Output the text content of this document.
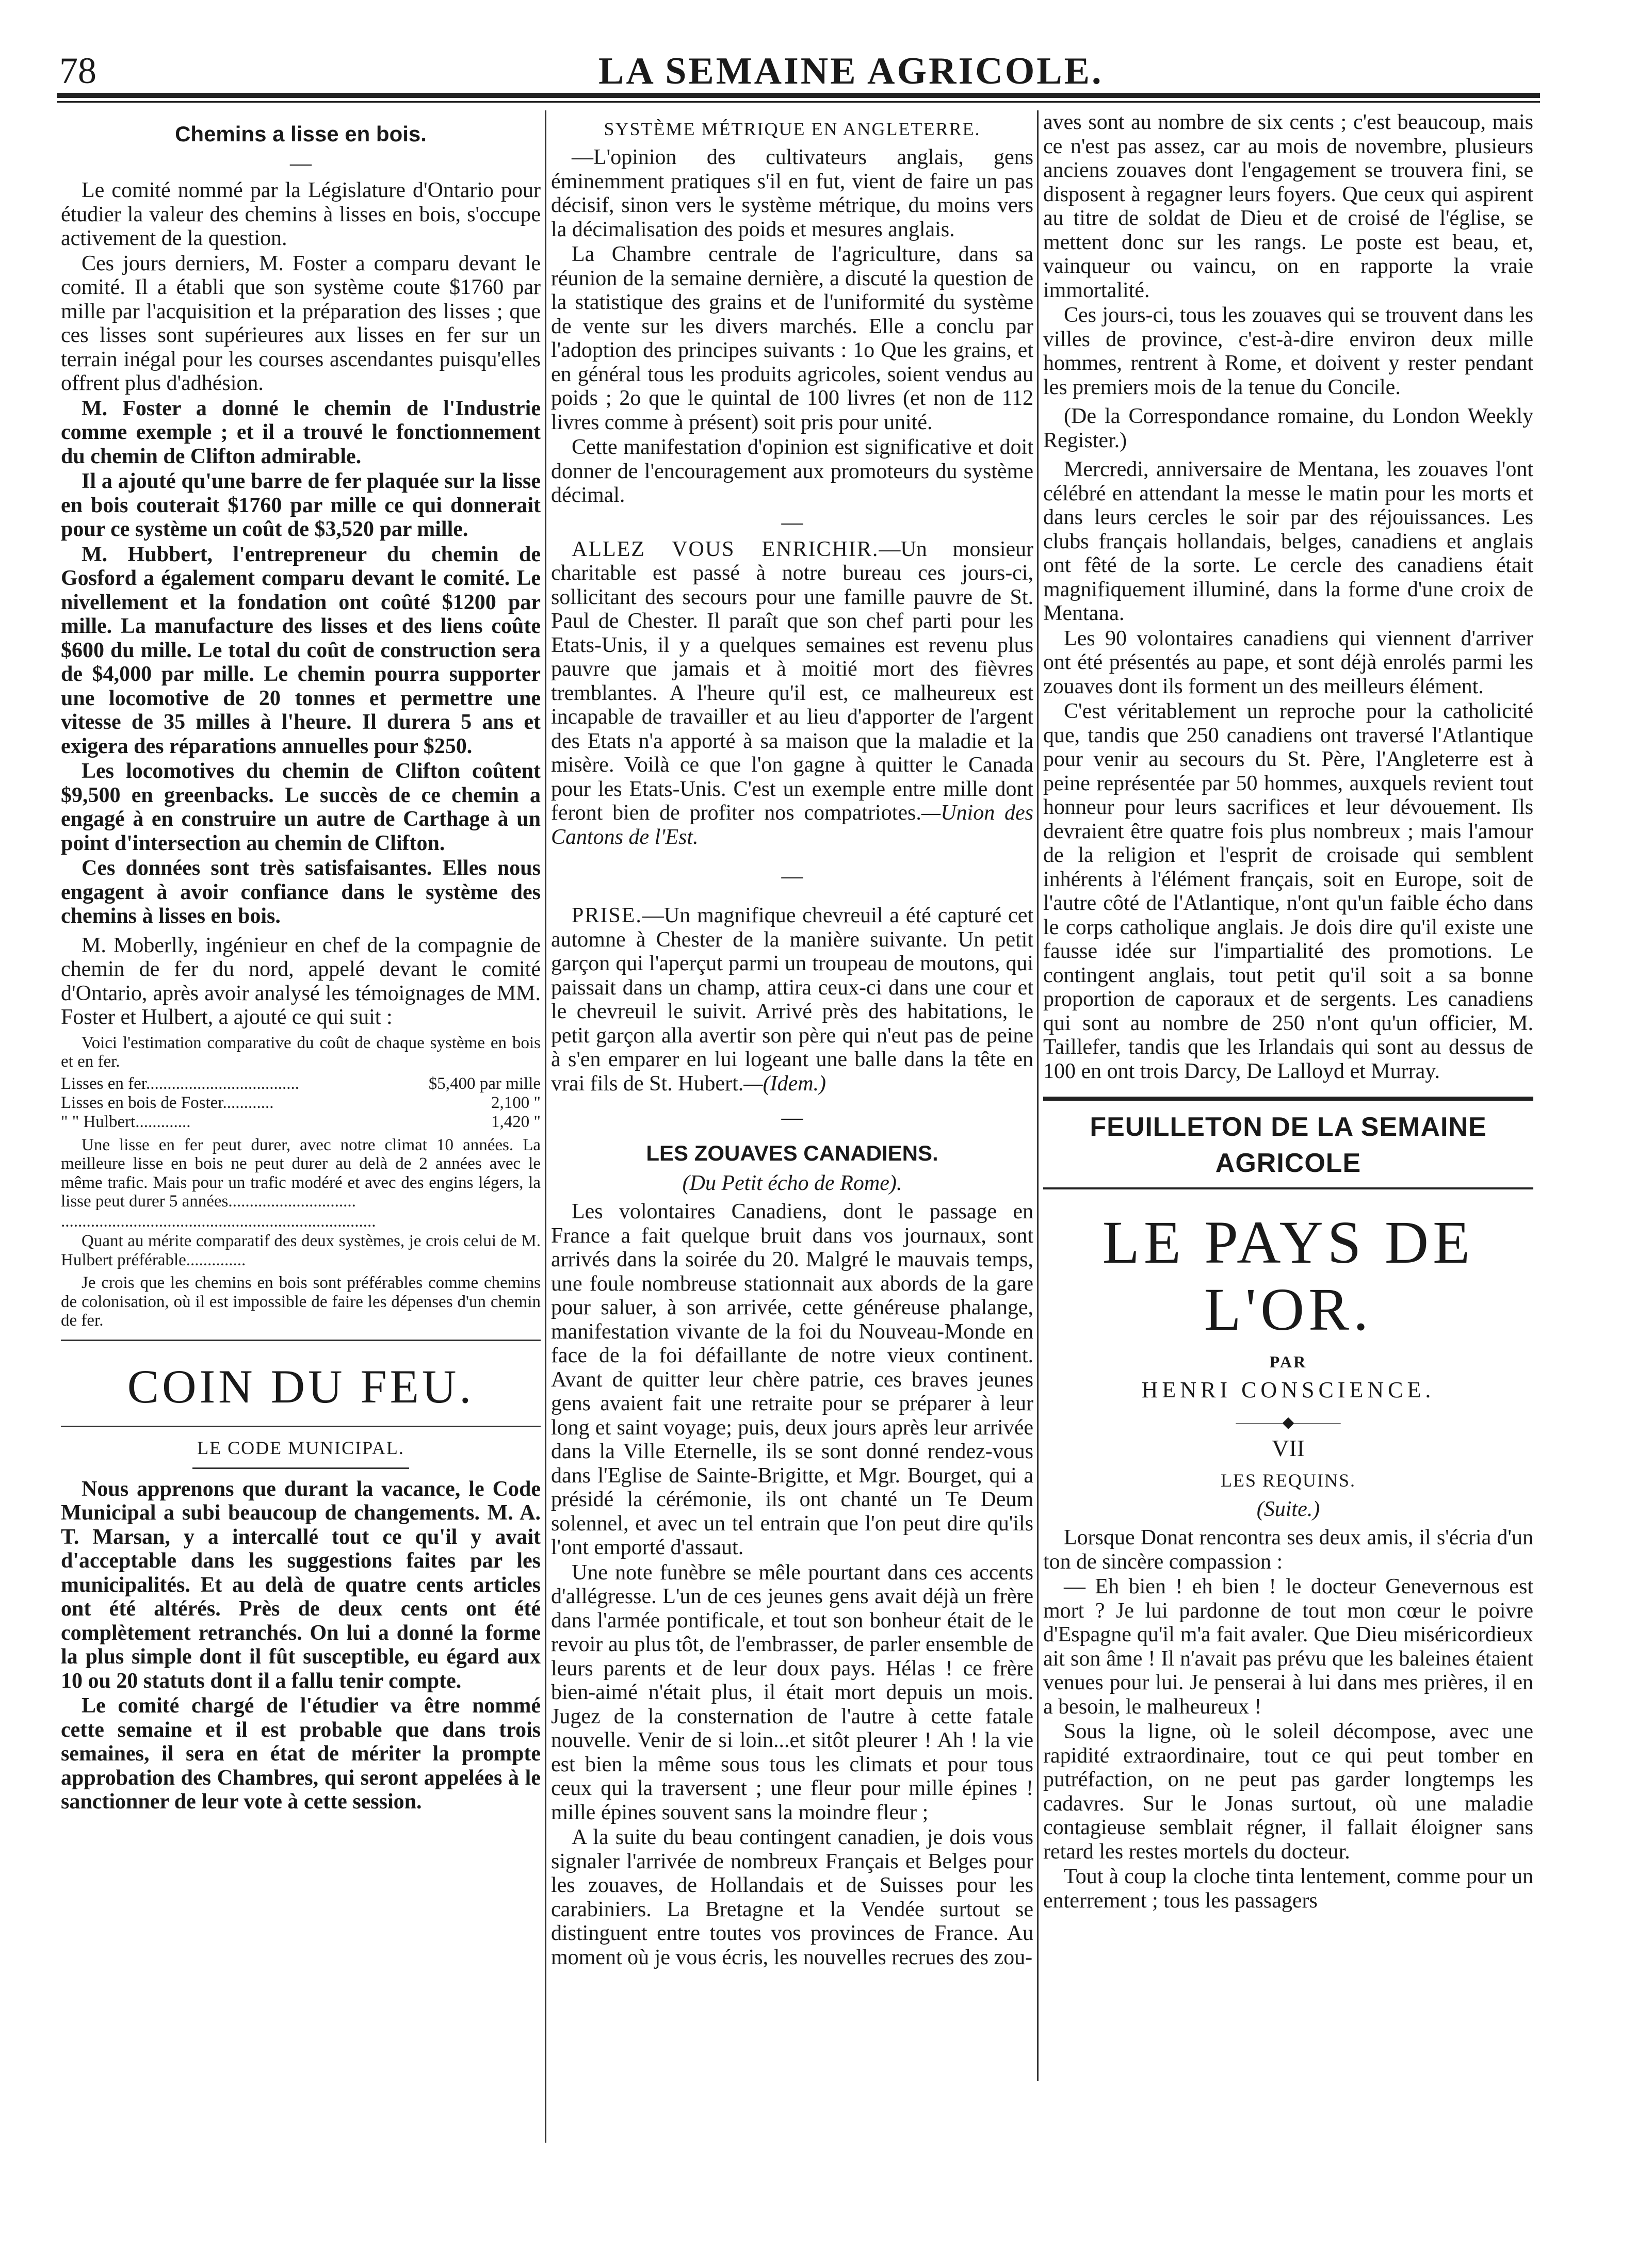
78	LA SEMAINE AGRICOLE.
Chemins a lisse en bois.
—

Le comité nommé par la Législature d'Ontario pour étudier la valeur des chemins à lisses en bois, s'occupe activement de la question.

Ces jours derniers, M. Foster a comparu devant le comité. Il a établi que son système coute $1760 par mille par l'acquisition et la préparation des lisses ; que ces lisses sont supérieures aux lisses en fer sur un terrain inégal pour les courses ascendantes puisqu'elles offrent plus d'adhésion.

M. Foster a donné le chemin de l'Industrie comme exemple ; et il a trouvé le fonctionnement du chemin de Clifton admirable.

Il a ajouté qu'une barre de fer plaquée sur la lisse en bois couterait $1760 par mille ce qui donnerait pour ce système un coût de $3,520 par mille.

M. Hubbert, l'entrepreneur du chemin de Gosford a également comparu devant le comité. Le nivellement et la fondation ont coûté $1200 par mille. La manufacture des lisses et des liens coûte $600 du mille. Le total du coût de construction sera de $4,000 par mille. Le chemin pourra supporter une locomotive de 20 tonnes et permettre une vitesse de 35 milles à l'heure. Il durera 5 ans et exigera des réparations annuelles pour $250.

Les locomotives du chemin de Clifton coûtent $9,500 en greenbacks. Le succès de ce chemin a engagé à en construire un autre de Carthage à un point d'intersection au chemin de Clifton.

Ces données sont très satisfaisantes. Elles nous engagent à avoir confiance dans le système des chemins à lisses en bois.

M. Moberlly, ingénieur en chef de la compagnie de chemin de fer du nord, appelé devant le comité d'Ontario, après avoir analysé les témoignages de MM. Foster et Hulbert, a ajouté ce qui suit :

Voici l'estimation comparative du coût de chaque système en bois et en fer.

Lisses en fer....................................	$5,400 par mille
Lisses en bois de Foster............	2,100 "
" " Hulbert.............	1,420 "

Une lisse en fer peut durer, avec notre climat 10 années. La meilleure lisse en bois ne peut durer au delà de 2 années avec le même trafic. Mais pour un trafic modéré et avec des engins légers, la lisse peut durer 5 années..............................

..........................................................................

Quant au mérite comparatif des deux systèmes, je crois celui de M. Hulbert préférable..............

Je crois que les chemins en bois sont préférables comme chemins de colonisation, où il est impossible de faire les dépenses d'un chemin de fer.

COIN DU FEU.
LE CODE MUNICIPAL.

Nous apprenons que durant la vacance, le Code Municipal a subi beaucoup de changements. M. A. T. Marsan, y a intercallé tout ce qu'il y avait d'acceptable dans les suggestions faites par les municipalités. Et au delà de quatre cents articles ont été altérés. Près de deux cents ont été complètement retranchés. On lui a donné la forme la plus simple dont il fût susceptible, eu égard aux 10 ou 20 statuts dont il a fallu tenir compte.

Le comité chargé de l'étudier va être nommé cette semaine et il est probable que dans trois semaines, il sera en état de mériter la prompte approbation des Chambres, qui seront appelées à le sanctionner de leur vote à cette session.

SYSTÈME MÉTRIQUE EN ANGLETERRE.

—L'opinion des cultivateurs anglais, gens éminemment pratiques s'il en fut, vient de faire un pas décisif, sinon vers le système métrique, du moins vers la décimalisation des poids et mesures anglais.

La Chambre centrale de l'agriculture, dans sa réunion de la semaine dernière, a discuté la question de la statistique des grains et de l'uniformité du système de vente sur les divers marchés. Elle a conclu par l'adoption des principes suivants : 1o Que les grains, et en général tous les produits agricoles, soient vendus au poids ; 2o que le quintal de 100 livres (et non de 112 livres comme à présent) soit pris pour unité.

Cette manifestation d'opinion est significative et doit donner de l'encouragement aux promoteurs du système décimal.

—

ALLEZ VOUS ENRICHIR.—Un monsieur charitable est passé à notre bureau ces jours-ci, sollicitant des secours pour une famille pauvre de St. Paul de Chester. Il paraît que son chef parti pour les Etats-Unis, il y a quelques semaines est revenu plus pauvre que jamais et à moitié mort des fièvres tremblantes. A l'heure qu'il est, ce malheureux est incapable de travailler et au lieu d'apporter de l'argent des Etats n'a apporté à sa maison que la maladie et la misère. Voilà ce que l'on gagne à quitter le Canada pour les Etats-Unis. C'est un exemple entre mille dont feront bien de profiter nos compatriotes.—Union des Cantons de l'Est.

—

PRISE.—Un magnifique chevreuil a été capturé cet automne à Chester de la manière suivante. Un petit garçon qui l'aperçut parmi un troupeau de moutons, qui paissait dans un champ, attira ceux-ci dans une cour et le chevreuil le suivit. Arrivé près des habitations, le petit garçon alla avertir son père qui n'eut pas de peine à s'en emparer en lui logeant une balle dans la tête en vrai fils de St. Hubert.—(Idem.)

—
LES ZOUAVES CANADIENS.
(Du Petit écho de Rome).

Les volontaires Canadiens, dont le passage en France a fait quelque bruit dans vos journaux, sont arrivés dans la soirée du 20. Malgré le mauvais temps, une foule nombreuse stationnait aux abords de la gare pour saluer, à son arrivée, cette généreuse phalange, manifestation vivante de la foi du Nouveau-Monde en face de la foi défaillante de notre vieux continent. Avant de quitter leur chère patrie, ces braves jeunes gens avaient fait une retraite pour se préparer à leur long et saint voyage; puis, deux jours après leur arrivée dans la Ville Eternelle, ils se sont donné rendez-vous dans l'Eglise de Sainte-Brigitte, et Mgr. Bourget, qui a présidé la cérémonie, ils ont chanté un Te Deum solennel, et avec un tel entrain que l'on peut dire qu'ils l'ont emporté d'assaut.

Une note funèbre se mêle pourtant dans ces accents d'allégresse. L'un de ces jeunes gens avait déjà un frère dans l'armée pontificale, et tout son bonheur était de le revoir au plus tôt, de l'embrasser, de parler ensemble de leurs parents et de leur doux pays. Hélas ! ce frère bien-aimé n'était plus, il était mort depuis un mois. Jugez de la consternation de l'autre à cette fatale nouvelle. Venir de si loin...et sitôt pleurer ! Ah ! la vie est bien la même sous tous les climats et pour tous ceux qui la traversent ; une fleur pour mille épines ! mille épines souvent sans la moindre fleur ;

A la suite du beau contingent canadien, je dois vous signaler l'arrivée de nombreux Français et Belges pour les zouaves, de Hollandais et de Suisses pour les carabiniers. La Bretagne et la Vendée surtout se distinguent entre toutes vos provinces de France. Au moment où je vous écris, les nouvelles recrues des zou-

aves sont au nombre de six cents ; c'est beaucoup, mais ce n'est pas assez, car au mois de novembre, plusieurs anciens zouaves dont l'engagement se trouvera fini, se disposent à regagner leurs foyers. Que ceux qui aspirent au titre de soldat de Dieu et de croisé de l'église, se mettent donc sur les rangs. Le poste est beau, et, vainqueur ou vaincu, on en rapporte la vraie immortalité.

Ces jours-ci, tous les zouaves qui se trouvent dans les villes de province, c'est-à-dire environ deux mille hommes, rentrent à Rome, et doivent y rester pendant les premiers mois de la tenue du Concile.

(De la Correspondance romaine, du London Weekly Register.)

Mercredi, anniversaire de Mentana, les zouaves l'ont célébré en attendant la messe le matin pour les morts et dans leurs cercles le soir par des réjouissances. Les clubs français hollandais, belges, canadiens et anglais ont fêté de la sorte. Le cercle des canadiens était magnifiquement illuminé, dans la forme d'une croix de Mentana.

Les 90 volontaires canadiens qui viennent d'arriver ont été présentés au pape, et sont déjà enrolés parmi les zouaves dont ils forment un des meilleurs élément.

C'est véritablement un reproche pour la catholicité que, tandis que 250 canadiens ont traversé l'Atlantique pour venir au secours du St. Père, l'Angleterre est à peine représentée par 50 hommes, auxquels revient tout honneur pour leurs sacrifices et leur dévouement. Ils devraient être quatre fois plus nombreux ; mais l'amour de la religion et l'esprit de croisade qui semblent inhérents à l'élément français, soit en Europe, soit de l'autre côté de l'Atlantique, n'ont qu'un faible écho dans le corps catholique anglais. Je dois dire qu'il existe une fausse idée sur l'impartialité des promotions. Le contingent anglais, tout petit qu'il soit a sa bonne proportion de caporaux et de sergents. Les canadiens qui sont au nombre de 250 n'ont qu'un officier, M. Taillefer, tandis que les Irlandais qui sont au dessus de 100 en ont trois Darcy, De Lalloyd et Murray.

FEUILLETON DE LA SEMAINE AGRICOLE
LE PAYS DE L'OR.
PAR
HENRI CONSCIENCE.
———◆———
VII
LES REQUINS.
(Suite.)

Lorsque Donat rencontra ses deux amis, il s'écria d'un ton de sincère compassion :

— Eh bien ! eh bien ! le docteur Genevernous est mort ? Je lui pardonne de tout mon cœur le poivre d'Espagne qu'il m'a fait avaler. Que Dieu miséricordieux ait son âme ! Il n'avait pas prévu que les baleines étaient venues pour lui. Je penserai à lui dans mes prières, il en a besoin, le malheureux !

Sous la ligne, où le soleil décompose, avec une rapidité extraordinaire, tout ce qui peut tomber en putréfaction, on ne peut pas garder longtemps les cadavres. Sur le Jonas surtout, où une maladie contagieuse semblait régner, il fallait éloigner sans retard les restes mortels du docteur.

Tout à coup la cloche tinta lentement, comme pour un enterrement ; tous les passagers
